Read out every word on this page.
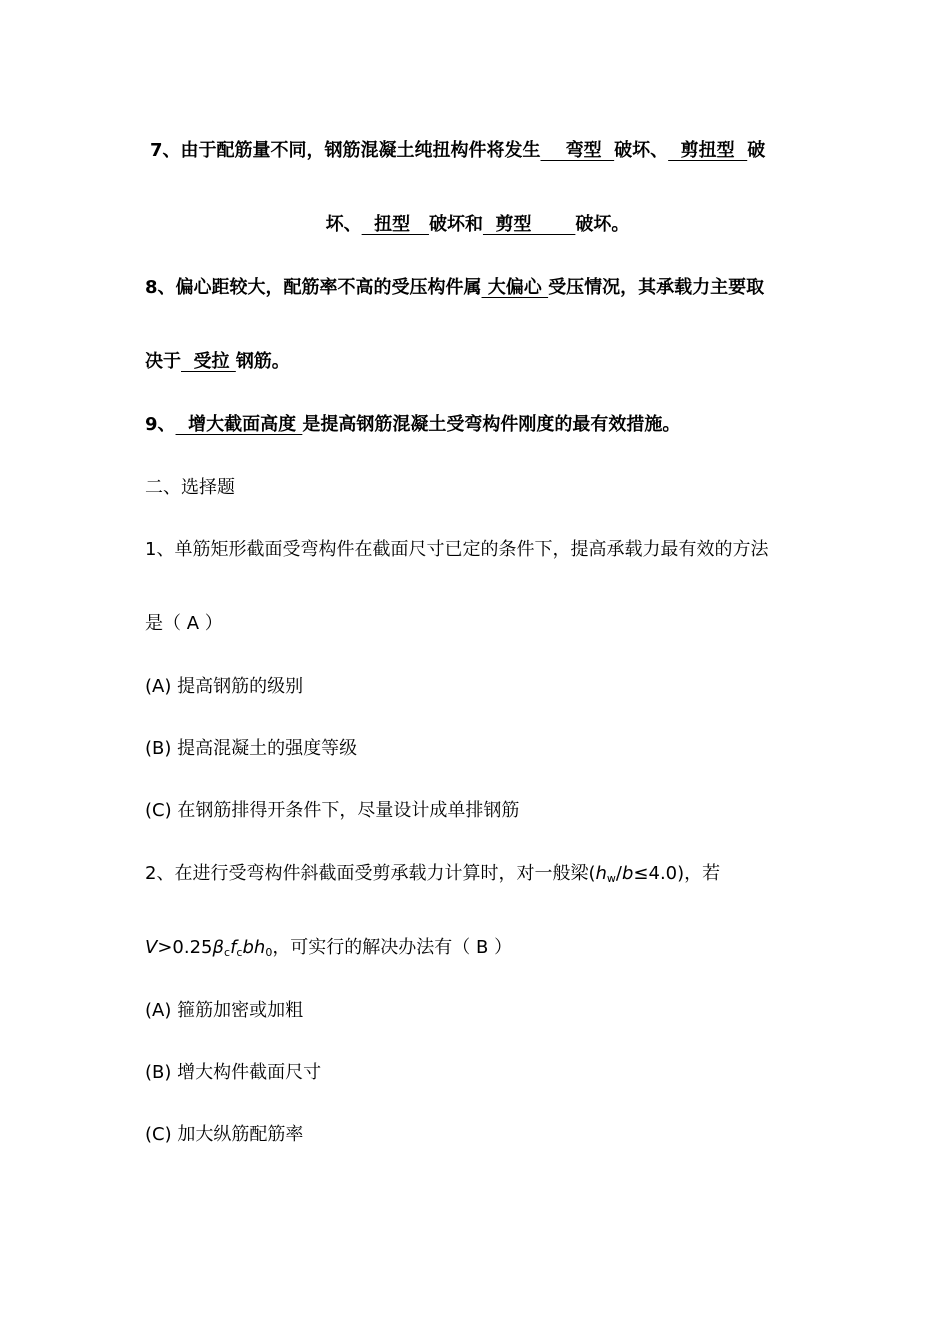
7、由于配筋量不同，钢筋混凝土纯扭构件将发生    弯型  破坏、  剪扭型  破
坏、  扭型   破坏和  剪型       破坏。
8、偏心距较大，配筋率不高的受压构件属 大偏心 受压情况，其承载力主要取
决于  受拉 钢筋。
9、  增大截面高度 是提高钢筋混凝土受弯构件刚度的最有效措施。
二、选择题
1、单筋矩形截面受弯构件在截面尺寸已定的条件下，提高承载力最有效的方法
是（ A ）
(A) 提高钢筋的级别
(B) 提高混凝土的强度等级
(C) 在钢筋排得开条件下，尽量设计成单排钢筋
2、在进行受弯构件斜截面受剪承载力计算时，对一般梁(hw/b≤4.0)，若
V>0.25βcfcbh0，可实行的解决办法有（ B ）
(A) 箍筋加密或加粗
(B) 增大构件截面尺寸
(C) 加大纵筋配筋率
